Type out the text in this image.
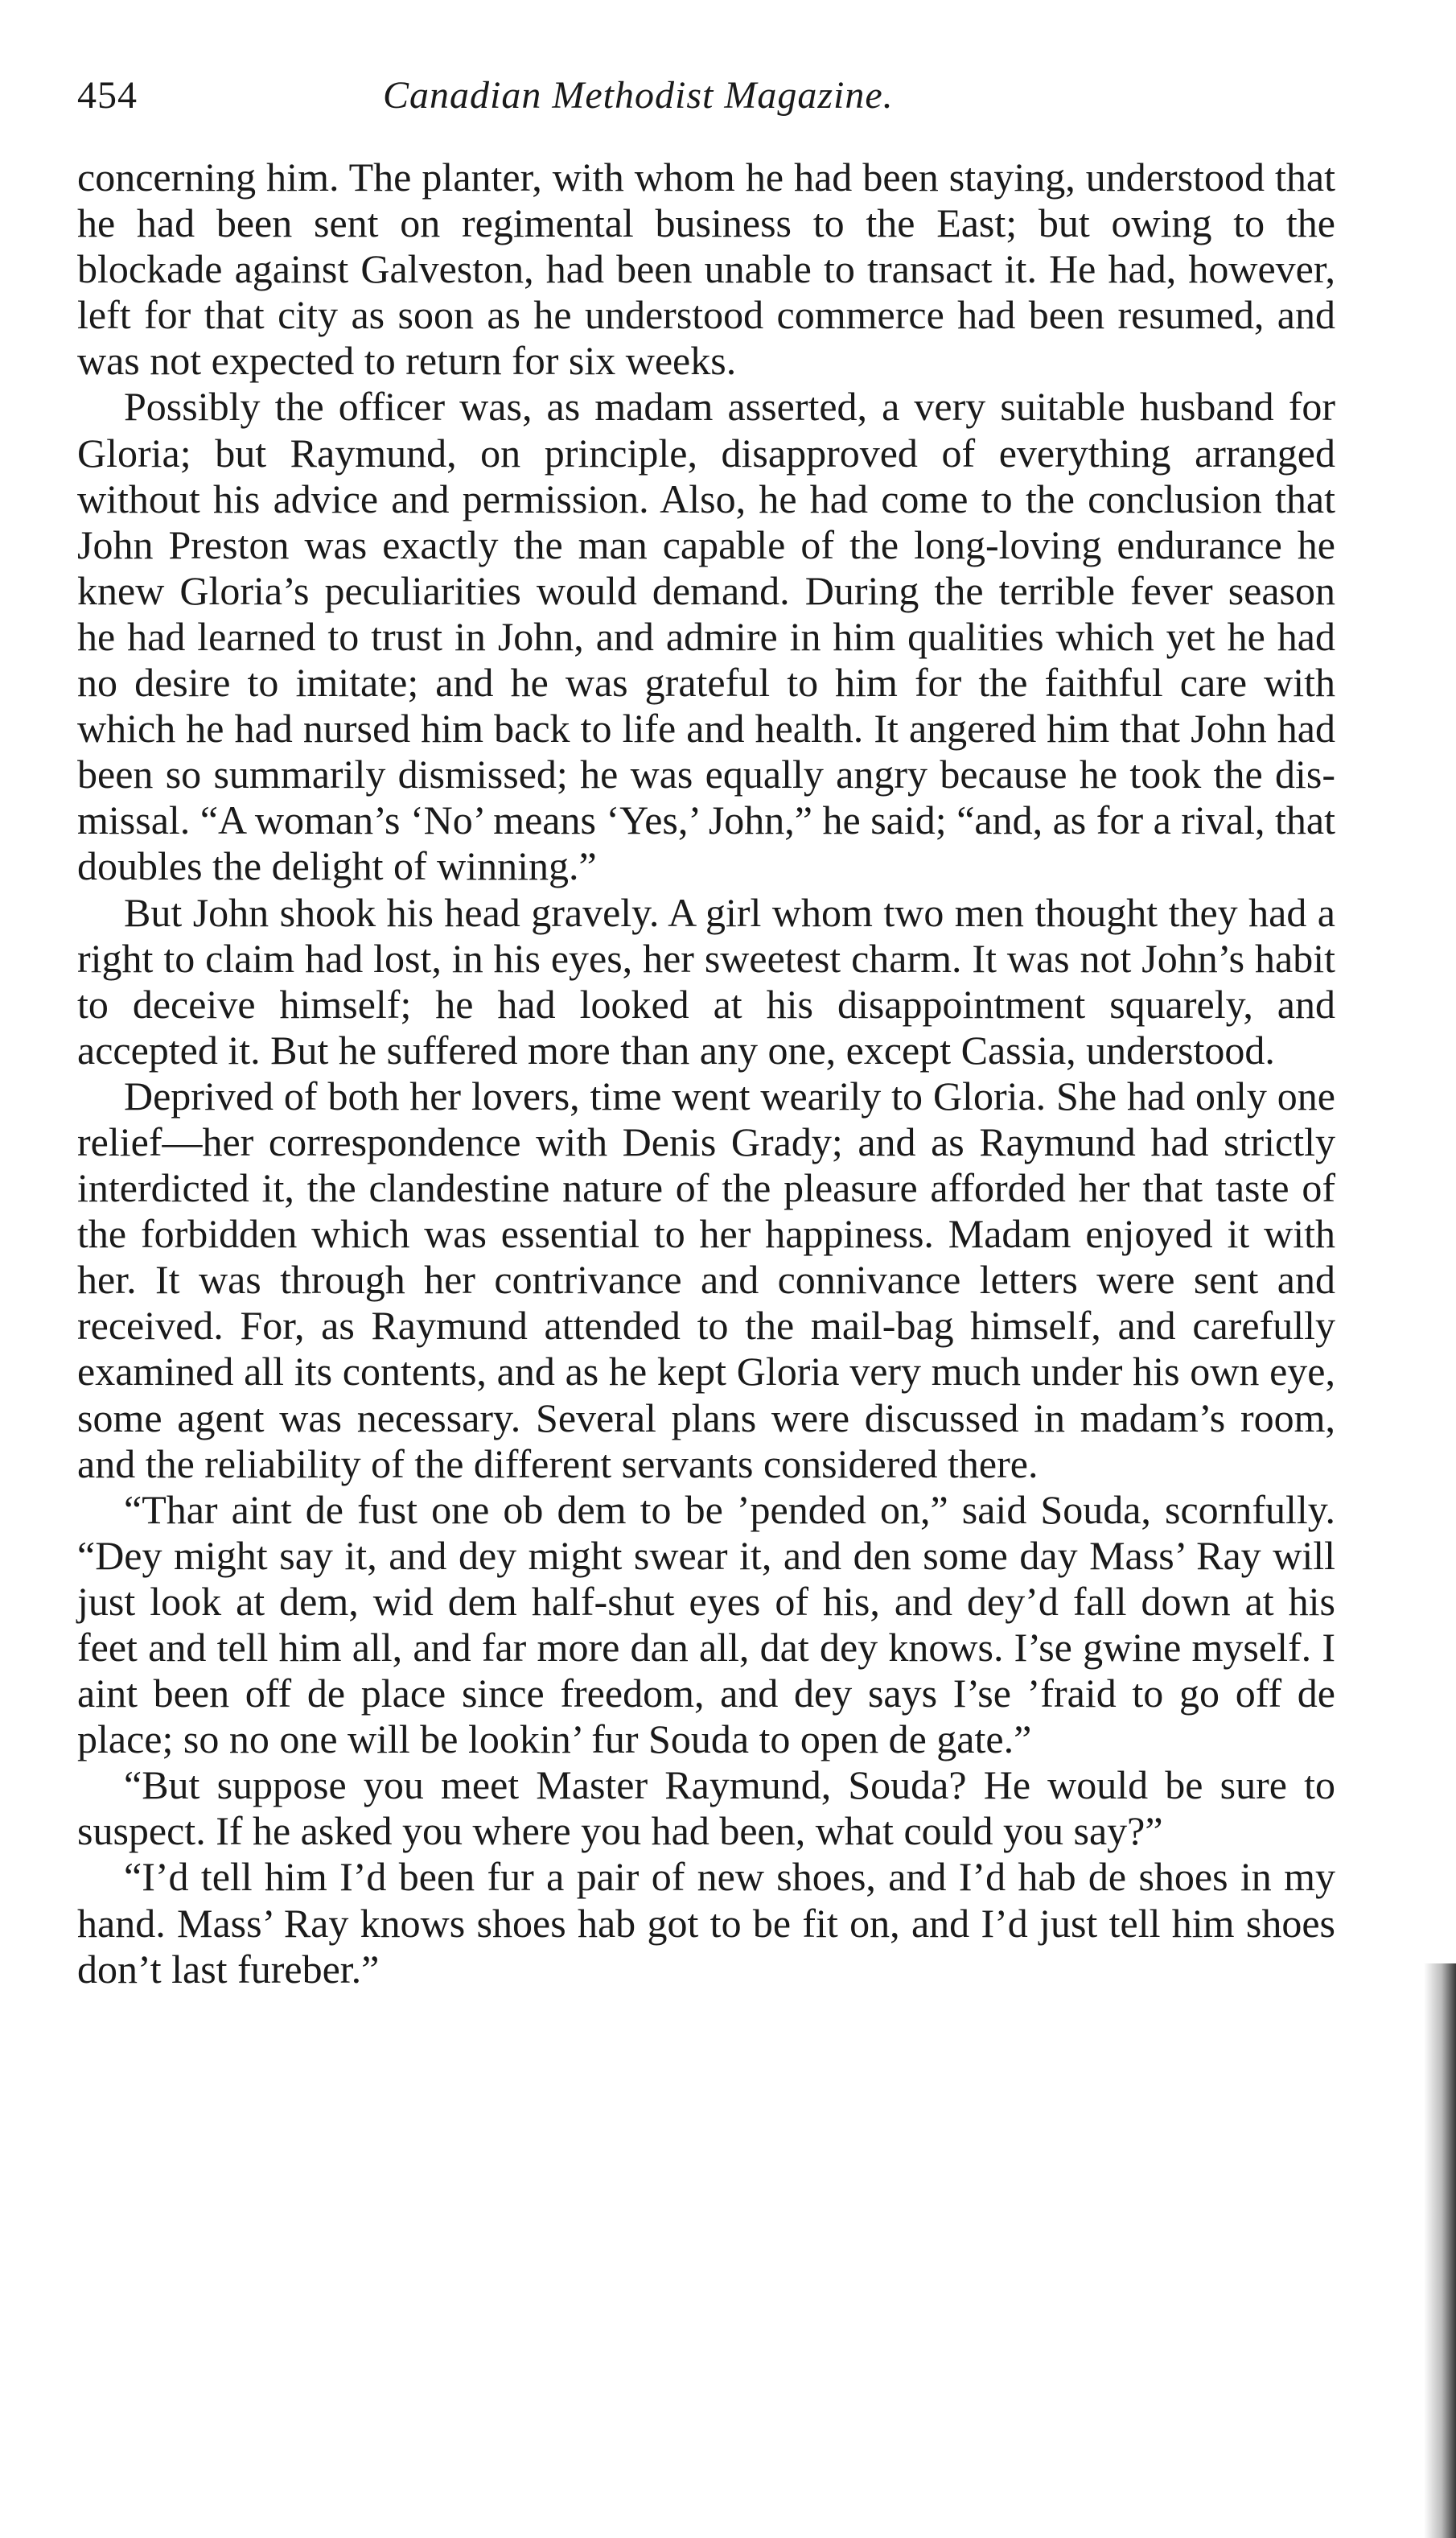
454	Canadian Methodist Magazine.

concerning him. The planter, with whom he had been staying, understood that he had been sent on regimental business to the East; but owing to the blockade against Galveston, had been unable to transact it. He had, however, left for that city as soon as he understood commerce had been resumed, and was not expected to return for six weeks.

Possibly the officer was, as madam asserted, a very suitable husband for Gloria; but Raymund, on principle, disapproved of everything arranged without his advice and permission. Also, he had come to the conclusion that John Preston was exactly the man capable of the long-loving endurance he knew Gloria’s peculiarities would demand. During the terrible fever season he had learned to trust in John, and admire in him qualities which yet he had no desire to imitate; and he was grateful to him for the faithful care with which he had nursed him back to life and health. It angered him that John had been so summarily dismissed; he was equally angry because he took the dismissal. “A woman’s ‘No’ means ‘Yes,’ John,” he said; “and, as for a rival, that doubles the delight of winning.”

But John shook his head gravely. A girl whom two men thought they had a right to claim had lost, in his eyes, her sweetest charm. It was not John’s habit to deceive himself; he had looked at his disappointment squarely, and accepted it. But he suffered more than any one, except Cassia, understood.

Deprived of both her lovers, time went wearily to Gloria. She had only one relief—her correspondence with Denis Grady; and as Raymund had strictly interdicted it, the clandestine nature of the pleasure afforded her that taste of the forbidden which was essential to her happiness. Madam enjoyed it with her. It was through her contrivance and connivance letters were sent and received. For, as Raymund attended to the mail-bag himself, and carefully examined all its contents, and as he kept Gloria very much under his own eye, some agent was necessary. Several plans were discussed in madam’s room, and the reliability of the different servants considered there.

“Thar aint de fust one ob dem to be ’pended on,” said Souda, scornfully. “Dey might say it, and dey might swear it, and den some day Mass’ Ray will just look at dem, wid dem half-shut eyes of his, and dey’d fall down at his feet and tell him all, and far more dan all, dat dey knows. I’se gwine myself. I aint been off de place since freedom, and dey says I’se ’fraid to go off de place; so no one will be lookin’ fur Souda to open de gate.”

“But suppose you meet Master Raymund, Souda? He would be sure to suspect. If he asked you where you had been, what could you say?”

“I’d tell him I’d been fur a pair of new shoes, and I’d hab de shoes in my hand. Mass’ Ray knows shoes hab got to be fit on, and I’d just tell him shoes don’t last fureber.”
